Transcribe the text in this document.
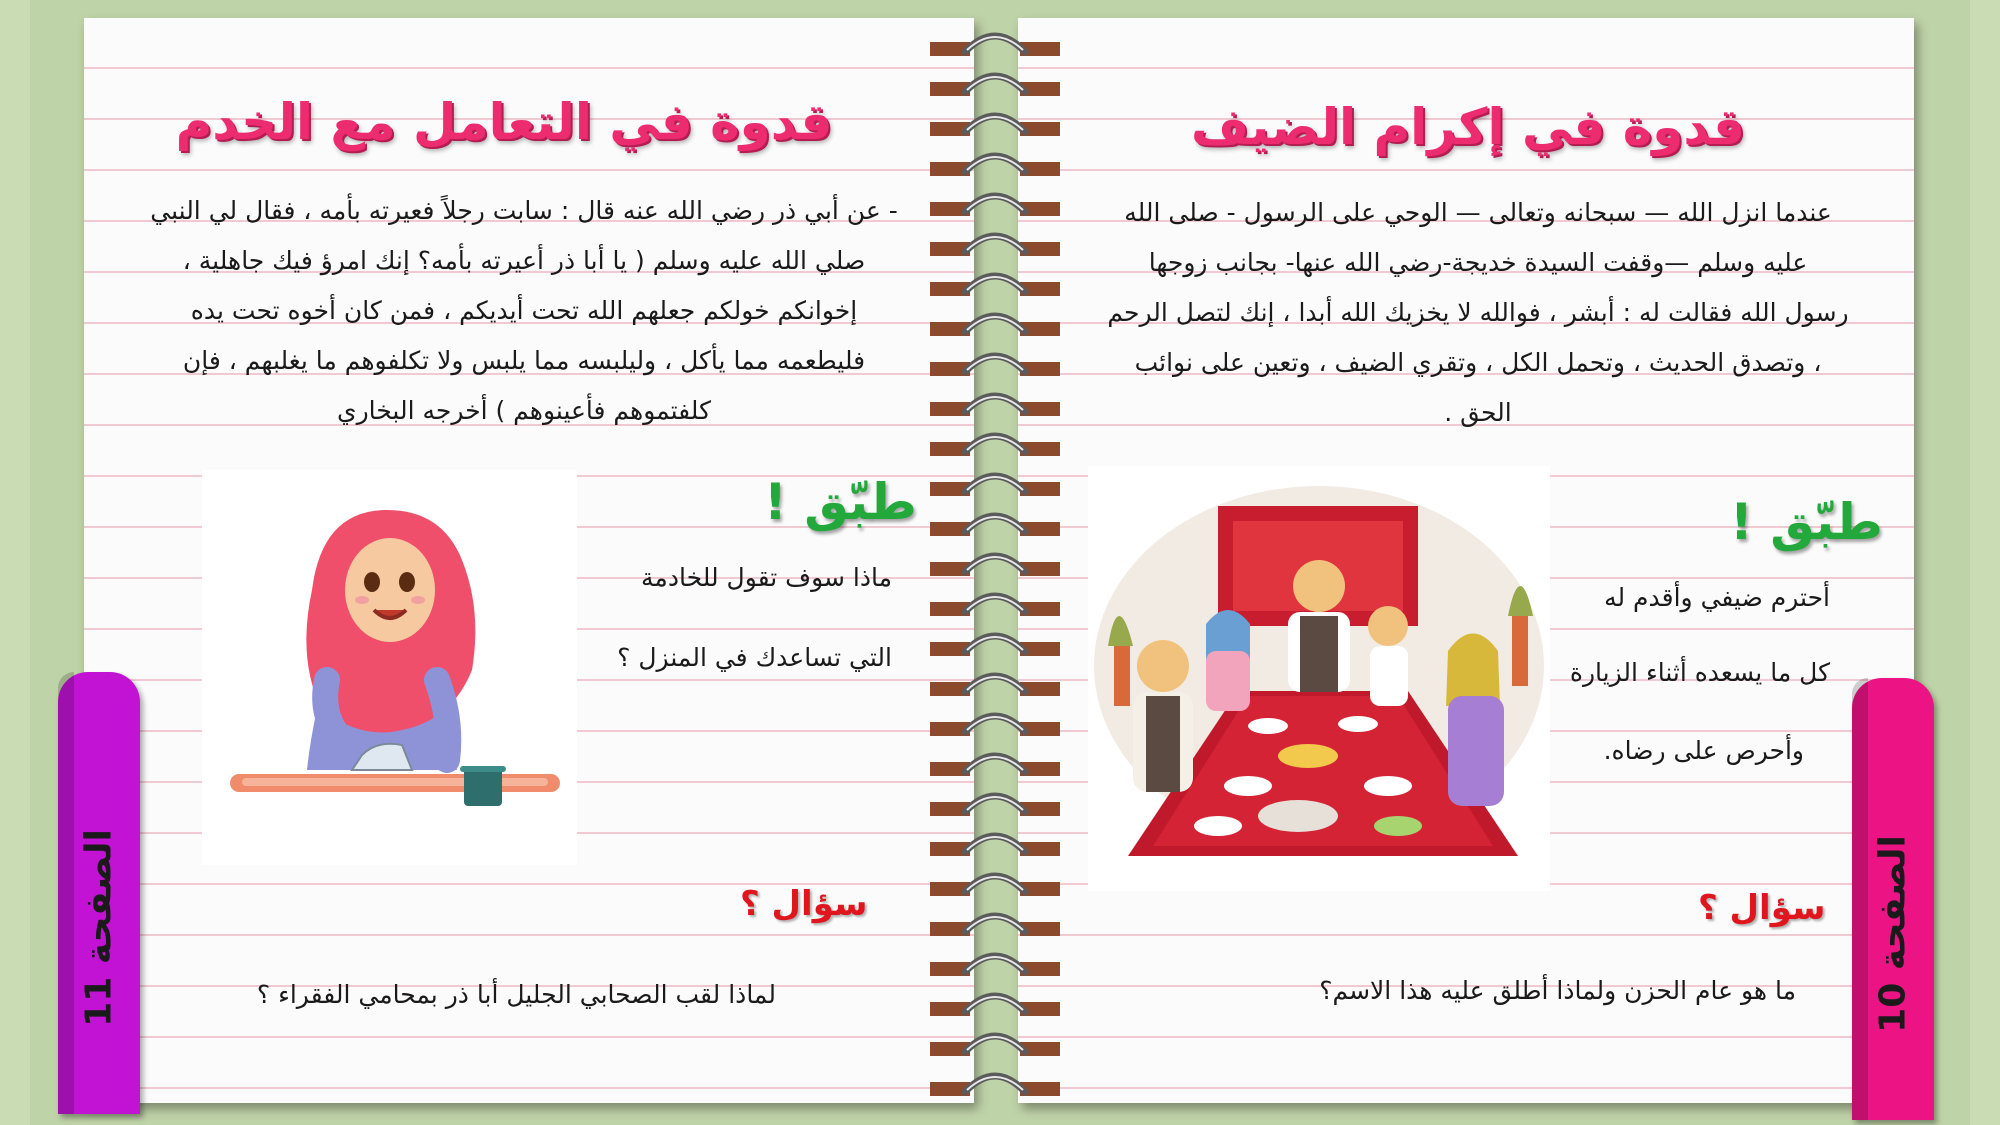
قدوة في التعامل مع الخدم
- عن أبي ذر رضي الله عنه قال : سابت رجلاً فعيرته بأمه ، فقال لي النبي
صلي الله عليه وسلم ( يا أبا ذر أعيرته بأمه؟ إنك امرؤ فيك جاهلية ،
إخوانكم خولكم جعلهم الله تحت أيديكم ، فمن كان أخوه تحت يده
فليطعمه مما يأكل ، وليلبسه مما يلبس ولا تكلفوهم ما يغلبهم ، فإن
كلفتموهم فأعينوهم ) أخرجه البخاري
طبّق !
ماذا سوف تقول للخادمة
التي تساعدك في المنزل ؟
سؤال ؟
لماذا لقب الصحابي الجليل أبا ذر بمحامي الفقراء ؟
قدوة في إكرام الضيف
عندما انزل الله — سبحانه وتعالى — الوحي على الرسول - صلى الله
عليه وسلم —وقفت السيدة خديجة-رضي الله عنها- بجانب زوجها
رسول الله فقالت له : أبشر ، فوالله لا يخزيك الله أبدا ، إنك لتصل الرحم
، وتصدق الحديث ، وتحمل الكل ، وتقري الضيف ، وتعين على نوائب
الحق .
طبّق !
أحترم ضيفي وأقدم له
كل ما يسعده أثناء الزيارة
وأحرص على رضاه.
سؤال ؟
ما هو عام الحزن ولماذا أطلق عليه هذا الاسم؟
الصفحة 11
الصفحة 10
